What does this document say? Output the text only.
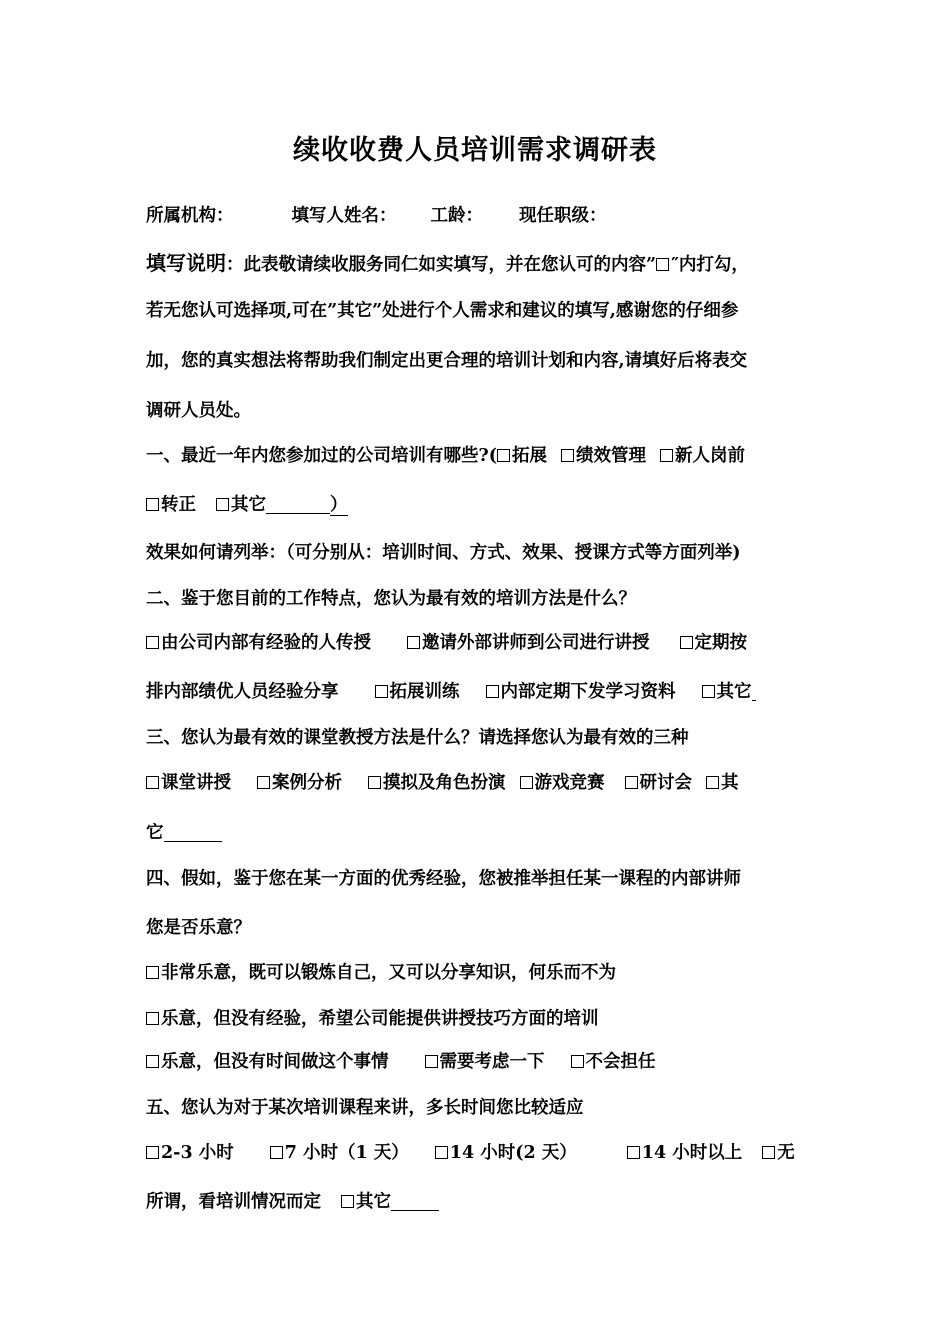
续收收费人员培训需求调研表
所属机构：	填写人姓名： 工龄： 现任职级：
填写说明：此表敬请续收服务同仁如实填写，并在您认可的内容” ″内打勾，
若无您认可选择项,可在”其它”处进行个人需求和建议的填写,感谢您的仔细参
加，您的真实想法将帮助我们制定出更合理的培训计划和内容,请填好后将表交
调研人员处。
一、最近一年内您参加过的公司培训有哪些?( 拓展 绩效管理 新人岗前
转正 其它	）
效果如何请列举：（可分别从：培训时间、方式、效果、授课方式等方面列举)
二、鉴于您目前的工作特点，您认为最有效的培训方法是什么？
由公司内部有经验的人传授	邀请外部讲师到公司进行讲授	定期按
排内部绩优人员经验分享	拓展训练 内部定期下发学习资料 其它
三、您认为最有效的课堂教授方法是什么？请选择您认为最有效的三种
课堂讲授 案例分析 摸拟及角色扮演 游戏竞赛 研讨会 其
它
四、假如，鉴于您在某一方面的优秀经验，您被推举担任某一课程的内部讲师
您是否乐意？
非常乐意，既可以锻炼自己，又可以分享知识，何乐而不为
乐意，但没有经验，希望公司能提供讲授技巧方面的培训
乐意，但没有时间做这个事情	需要考虑一下 不会担任
五、您认为对于某次培训课程来讲，多长时间您比较适应
2-3 小时	7 小时（1 天） 14 小时(2 天）	14 小时以上 无
所谓，看培训情况而定 其它
